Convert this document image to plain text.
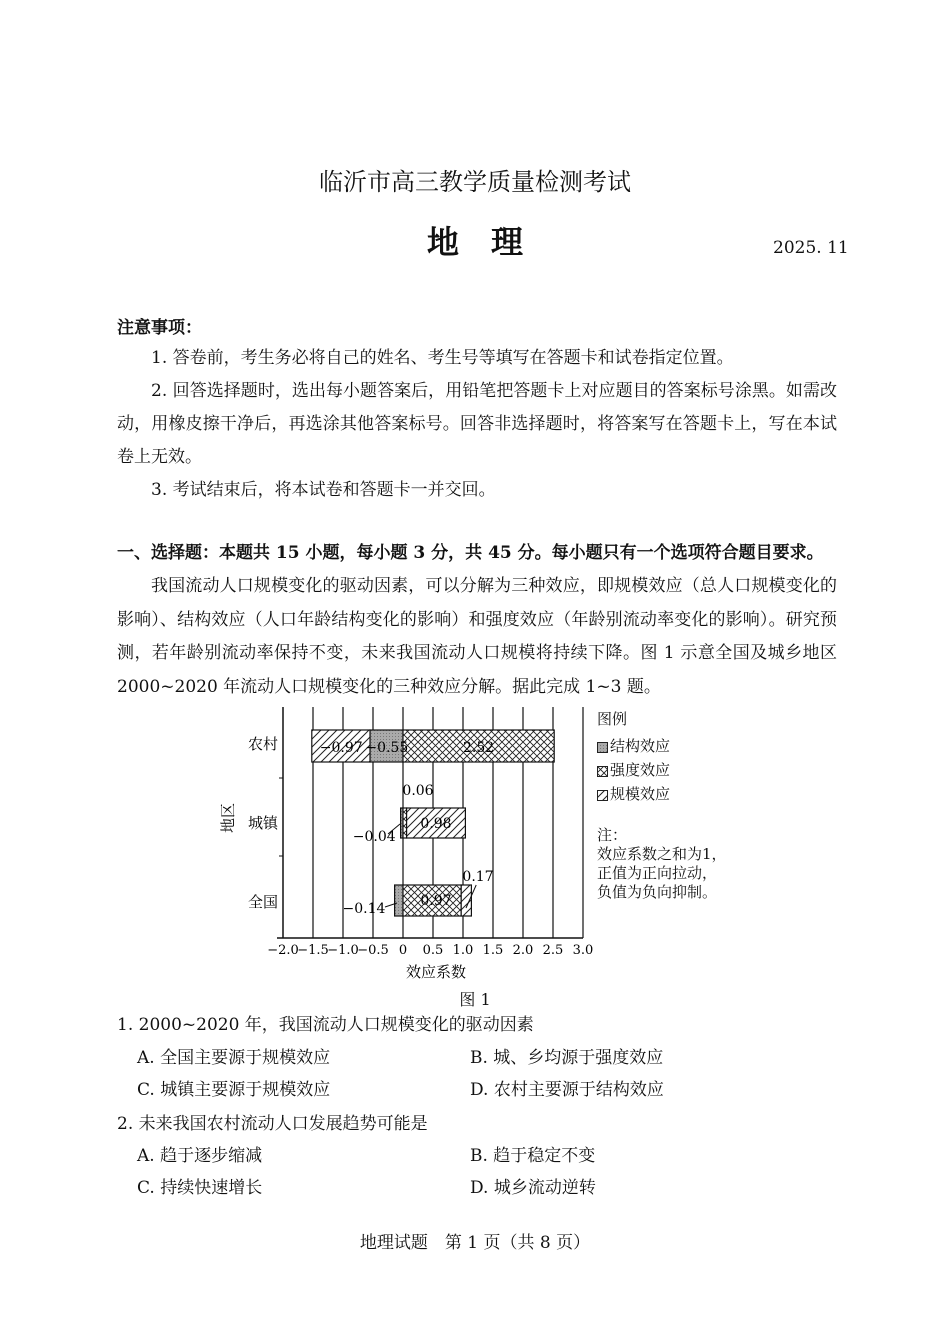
临沂市高三教学质量检测考试
地　理	2025. 11
注意事项：
1. 答卷前，考生务必将自己的姓名、考生号等填写在答题卡和试卷指定位置。
2. 回答选择题时，选出每小题答案后，用铅笔把答题卡上对应题目的答案标号涂黑。如需改动，用橡皮擦干净后，再选涂其他答案标号。回答非选择题时，将答案写在答题卡上，写在本试卷上无效。
3. 考试结束后，将本试卷和答题卡一并交回。
一、选择题：本题共 15 小题，每小题 3 分，共 45 分。每小题只有一个选项符合题目要求。
我国流动人口规模变化的驱动因素，可以分解为三种效应，即规模效应（总人口规模变化的影响）、结构效应（人口年龄结构变化的影响）和强度效应（年龄别流动率变化的影响）。研究预测，若年龄别流动率保持不变，未来我国流动人口规模将持续下降。图 1 示意全国及城乡地区 2000~2020 年流动人口规模变化的三种效应分解。据此完成 1~3 题。
−2.0
−1.5
−1.0
−0.5 0 0.5 1.0 1.5 2.0 2.5 3.0
−0.97 −0.55	2.52
0.06
−0.04
0.98
0.17
−0.14 0.97
农村
城镇
全国
地区
效应系数
图例
结构效应
强度效应
规模效应
注：
效应系数之和为1，
正值为正向拉动，
负值为负向抑制。
图 1
1. 2000~2020 年，我国流动人口规模变化的驱动因素
A. 全国主要源于规模效应	B. 城、乡均源于强度效应
C. 城镇主要源于规模效应	D. 农村主要源于结构效应
2. 未来我国农村流动人口发展趋势可能是
A. 趋于逐步缩减	B. 趋于稳定不变
C. 持续快速增长	D. 城乡流动逆转
地理试题　第 1 页（共 8 页）
